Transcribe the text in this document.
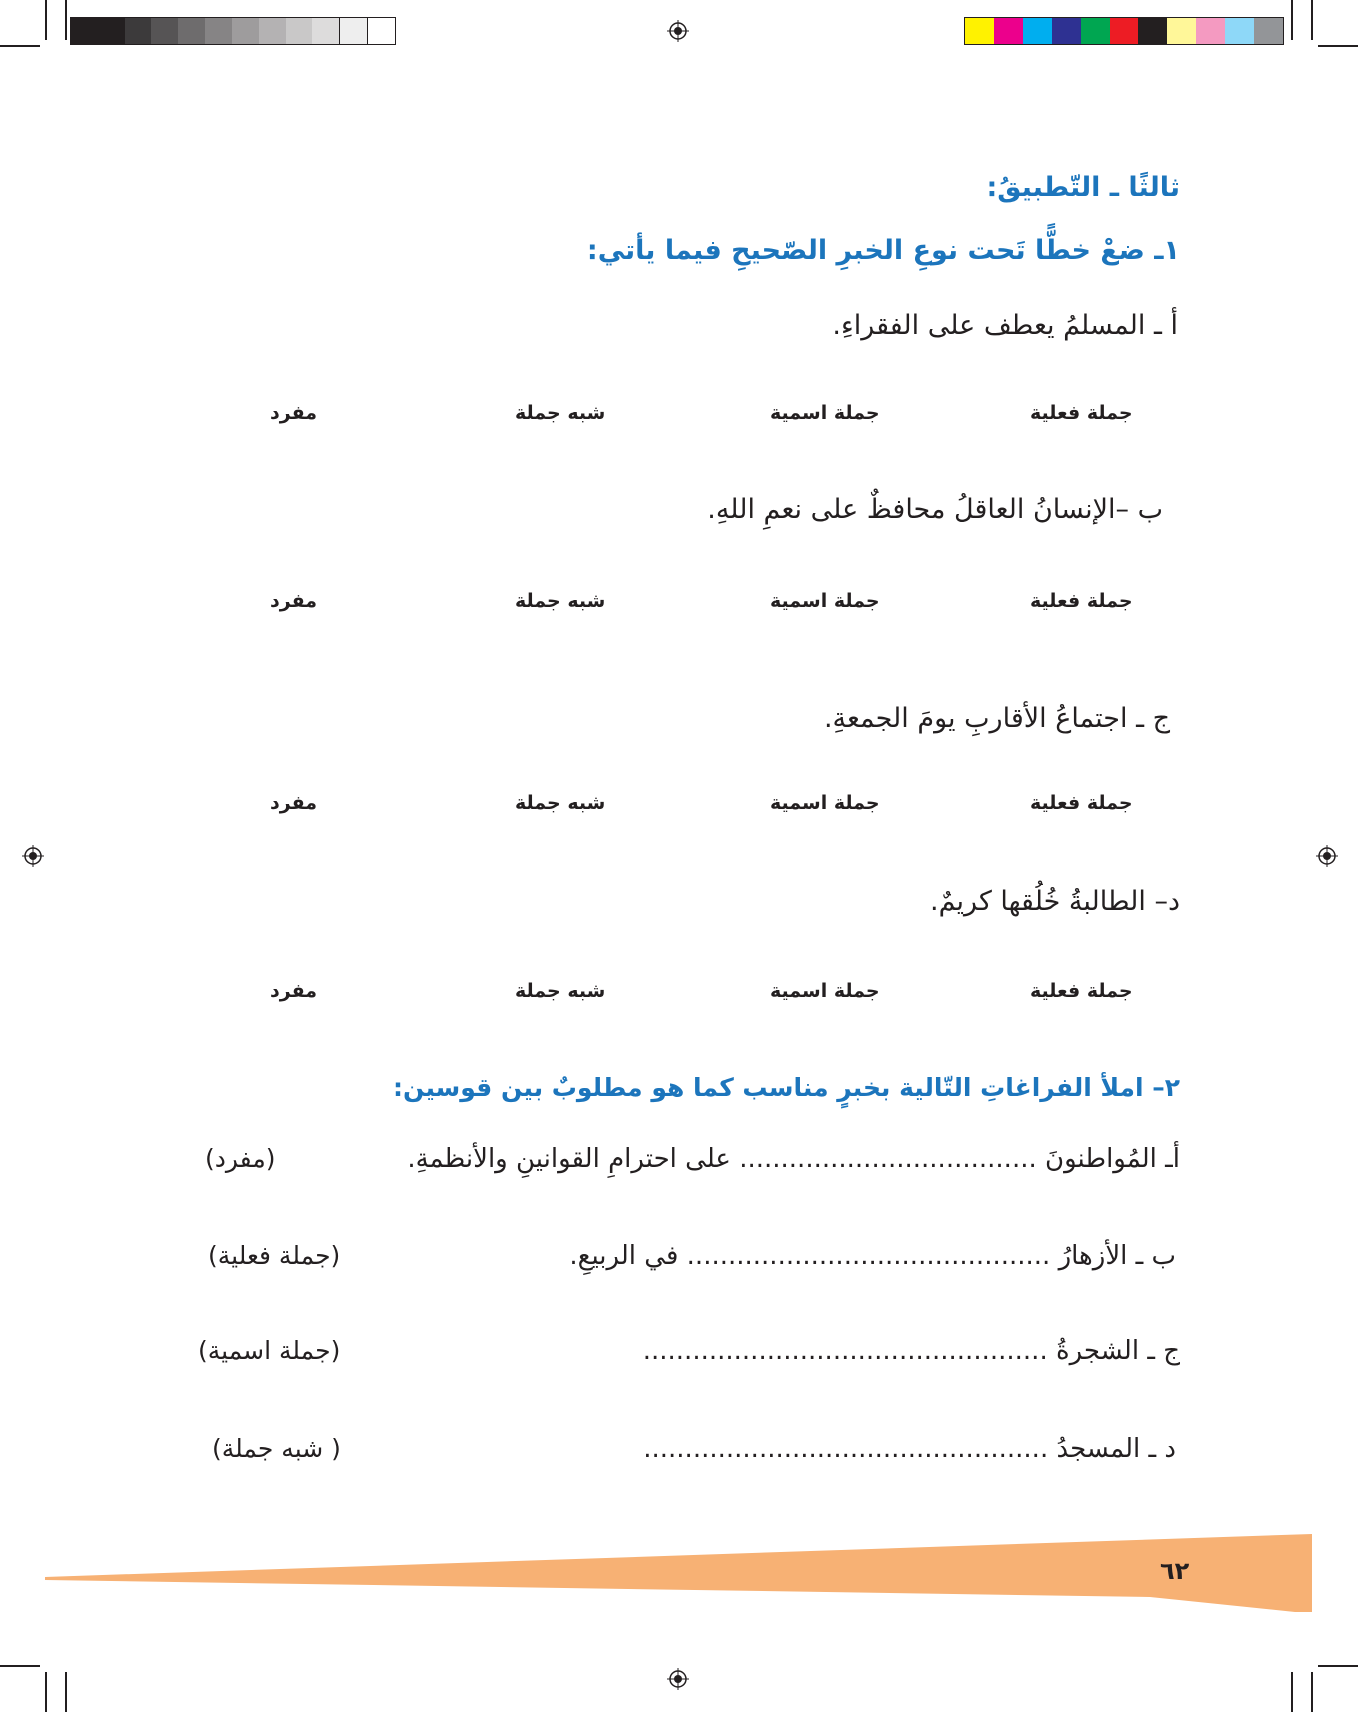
ثالثًا ـ التّطبيقُ:
١ـ ضعْ خطًّا تَحت نوعِ الخبرِ الصّحيحِ فيما يأتي:
أ ـ المسلمُ يعطف على الفقراءِ.
جملة فعلية
جملة اسمية
شبه جملة
مفرد
ب –الإنسانُ العاقلُ محافظٌ على نعمِ اللهِ.
جملة فعلية
جملة اسمية
شبه جملة
مفرد
ج ـ اجتماعُ الأقاربِ يومَ الجمعةِ.
جملة فعلية
جملة اسمية
شبه جملة
مفرد
د– الطالبةُ خُلُقها كريمٌ.
جملة فعلية
جملة اسمية
شبه جملة
مفرد
٢– املأ الفراغاتِ التّالية بخبرٍ مناسب كما هو مطلوبٌ بين قوسين:
أـ المُواطنونَ .................................... على احترامِ القوانينِ والأنظمةِ.
(مفرد)
ب ـ الأزهارُ ............................................ في الربيعِ.
(جملة فعلية)
ج ـ الشجرةُ .................................................
(جملة اسمية)
د ـ المسجدُ .................................................
( شبه جملة)
٦٢
